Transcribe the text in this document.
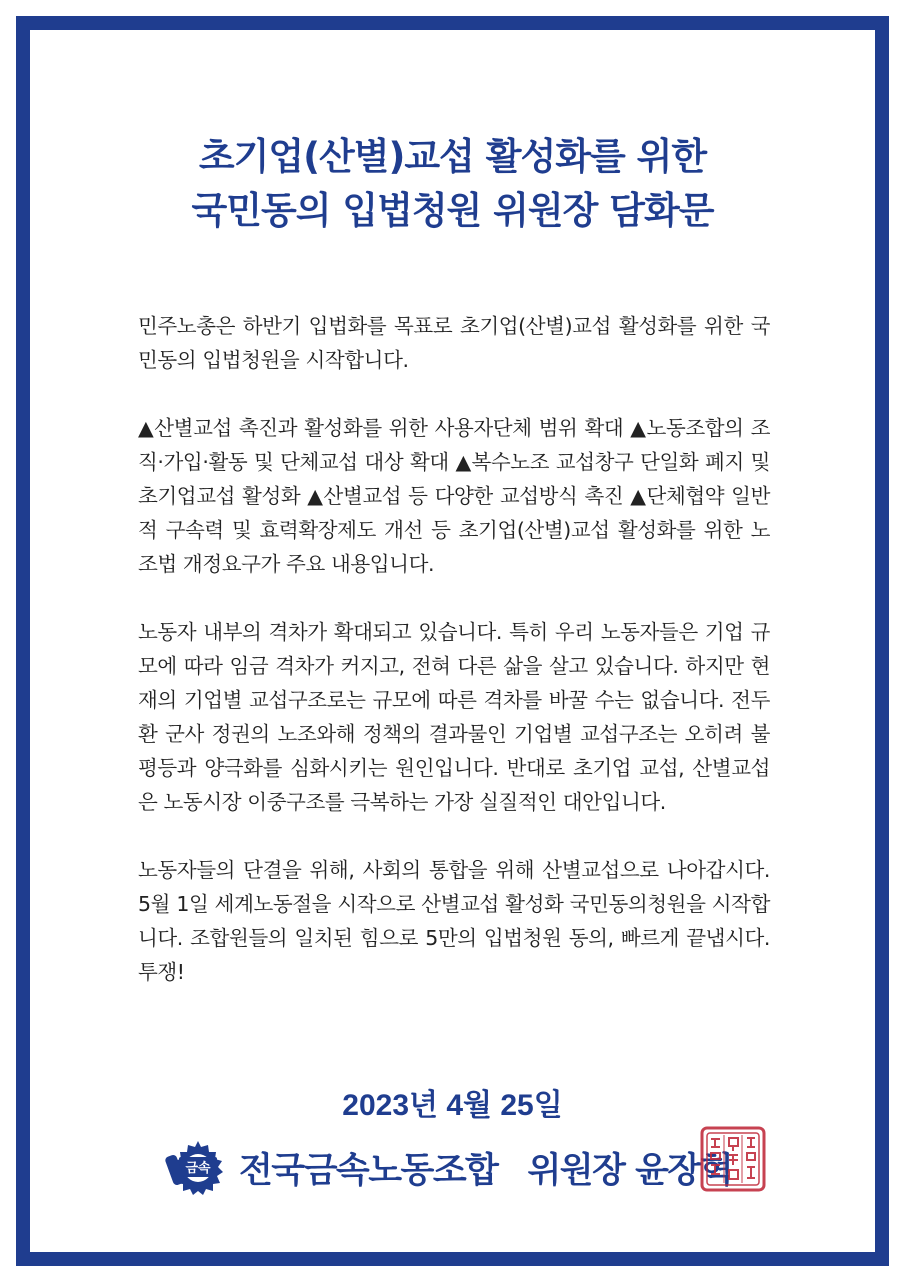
초기업(산별)교섭 활성화를 위한
국민동의 입법청원 위원장 담화문

민주노총은 하반기 입법화를 목표로 초기업(산별)교섭 활성화를 위한 국민동의 입법청원을 시작합니다.

▲산별교섭 촉진과 활성화를 위한 사용자단체 범위 확대 ▲노동조합의 조직·가입·활동 및 단체교섭 대상 확대 ▲복수노조 교섭창구 단일화 폐지 및 초기업교섭 활성화 ▲산별교섭 등 다양한 교섭방식 촉진 ▲단체협약 일반적 구속력 및 효력확장제도 개선 등 초기업(산별)교섭 활성화를 위한 노조법 개정요구가 주요 내용입니다.

노동자 내부의 격차가 확대되고 있습니다. 특히 우리 노동자들은 기업 규모에 따라 임금 격차가 커지고, 전혀 다른 삶을 살고 있습니다. 하지만 현재의 기업별 교섭구조로는 규모에 따른 격차를 바꿀 수는 없습니다. 전두환 군사 정권의 노조와해 정책의 결과물인 기업별 교섭구조는 오히려 불평등과 양극화를 심화시키는 원인입니다. 반대로 초기업 교섭, 산별교섭은 노동시장 이중구조를 극복하는 가장 실질적인 대안입니다.

노동자들의 단결을 위해, 사회의 통합을 위해 산별교섭으로 나아갑시다. 5월 1일 세계노동절을 시작으로 산별교섭 활성화 국민동의청원을 시작합니다. 조합원들의 일치된 힘으로 5만의 입법청원 동의, 빠르게 끝냅시다. 투쟁!

2023년 4월 25일
금속 전국금속노동조합 위원장 윤장혁
